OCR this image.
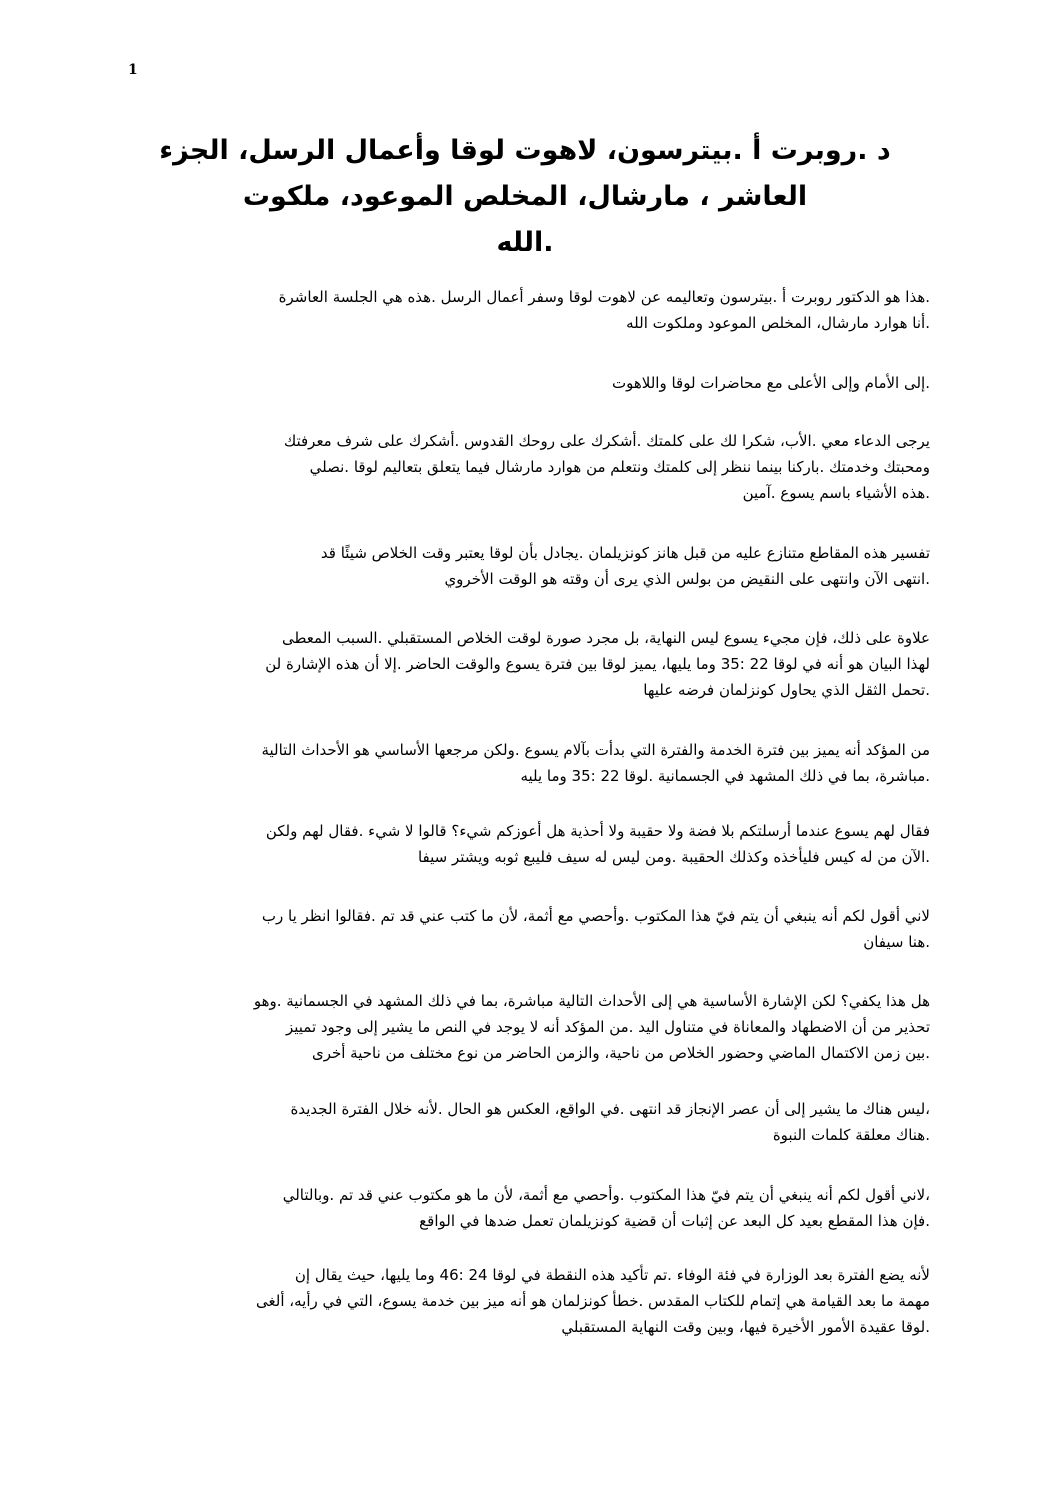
1
د .روبرت أ .بيترسون، لاهوت لوقا وأعمال الرسل، الجزء
العاشر ، مارشال، المخلص الموعود، ملكوت
.الله

.هذا هو الدكتور روبرت أ .بيترسون وتعاليمه عن لاهوت لوقا وسفر أعمال الرسل .هذه هي الجلسة العاشرة
.أنا هوارد مارشال، المخلص الموعود وملكوت الله

.إلى الأمام وإلى الأعلى مع محاضرات لوقا واللاهوت

يرجى الدعاء معي .الأب، شكرا لك على كلمتك .أشكرك على روحك القدوس .أشكرك على شرف معرفتك
ومحبتك وخدمتك .باركنا بينما ننظر إلى كلمتك ونتعلم من هوارد مارشال فيما يتعلق بتعاليم لوقا .نصلي
.هذه الأشياء باسم يسوع .آمين

تفسير هذه المقاطع متنازع عليه من قبل هانز كونزيلمان .يجادل بأن لوقا يعتبر وقت الخلاص شيئًا قد
.انتهى الآن وانتهى على النقيض من بولس الذي يرى أن وقته هو الوقت الأخروي

علاوة على ذلك، فإن مجيء يسوع ليس النهاية، بل مجرد صورة لوقت الخلاص المستقبلي .السبب المعطى
لهذا البيان هو أنه في لوقا 22 :35 وما يليها، يميز لوقا بين فترة يسوع والوقت الحاضر .إلا أن هذه الإشارة لن
.تحمل الثقل الذي يحاول كونزلمان فرضه عليها

من المؤكد أنه يميز بين فترة الخدمة والفترة التي بدأت بآلام يسوع .ولكن مرجعها الأساسي هو الأحداث التالية
.مباشرة، بما في ذلك المشهد في الجسمانية .لوقا 22 :35 وما يليه

فقال لهم يسوع عندما أرسلتكم بلا فضة ولا حقيبة ولا أحذية هل أعوزكم شيء؟ قالوا لا شيء .فقال لهم ولكن
.الآن من له كيس فليأخذه وكذلك الحقيبة .ومن ليس له سيف فليبع ثوبه ويشتر سيفا

لاني أقول لكم أنه ينبغي أن يتم فيّ هذا المكتوب .وأحصي مع أثمة، لأن ما كتب عني قد تم .فقالوا انظر يا رب
.هنا سيفان

هل هذا يكفي؟ لكن الإشارة الأساسية هي إلى الأحداث التالية مباشرة، بما في ذلك المشهد في الجسمانية .وهو
تحذير من أن الاضطهاد والمعاناة في متناول اليد .من المؤكد أنه لا يوجد في النص ما يشير إلى وجود تمييز
.بين زمن الاكتمال الماضي وحضور الخلاص من ناحية، والزمن الحاضر من نوع مختلف من ناحية أخرى

،ليس هناك ما يشير إلى أن عصر الإنجاز قد انتهى .في الواقع، العكس هو الحال .لأنه خلال الفترة الجديدة
.هناك معلقة كلمات النبوة

،لاني أقول لكم أنه ينبغي أن يتم فيّ هذا المكتوب .وأحصي مع أثمة، لأن ما هو مكتوب عني قد تم .وبالتالي
.فإن هذا المقطع بعيد كل البعد عن إثبات أن قضية كونزيلمان تعمل ضدها في الواقع

لأنه يضع الفترة بعد الوزارة في فئة الوفاء .تم تأكيد هذه النقطة في لوقا 24 :46 وما يليها، حيث يقال إن
مهمة ما بعد القيامة هي إتمام للكتاب المقدس .خطأ كونزلمان هو أنه ميز بين خدمة يسوع، التي في رأيه، ألغى
.لوقا عقيدة الأمور الأخيرة فيها، وبين وقت النهاية المستقبلي
